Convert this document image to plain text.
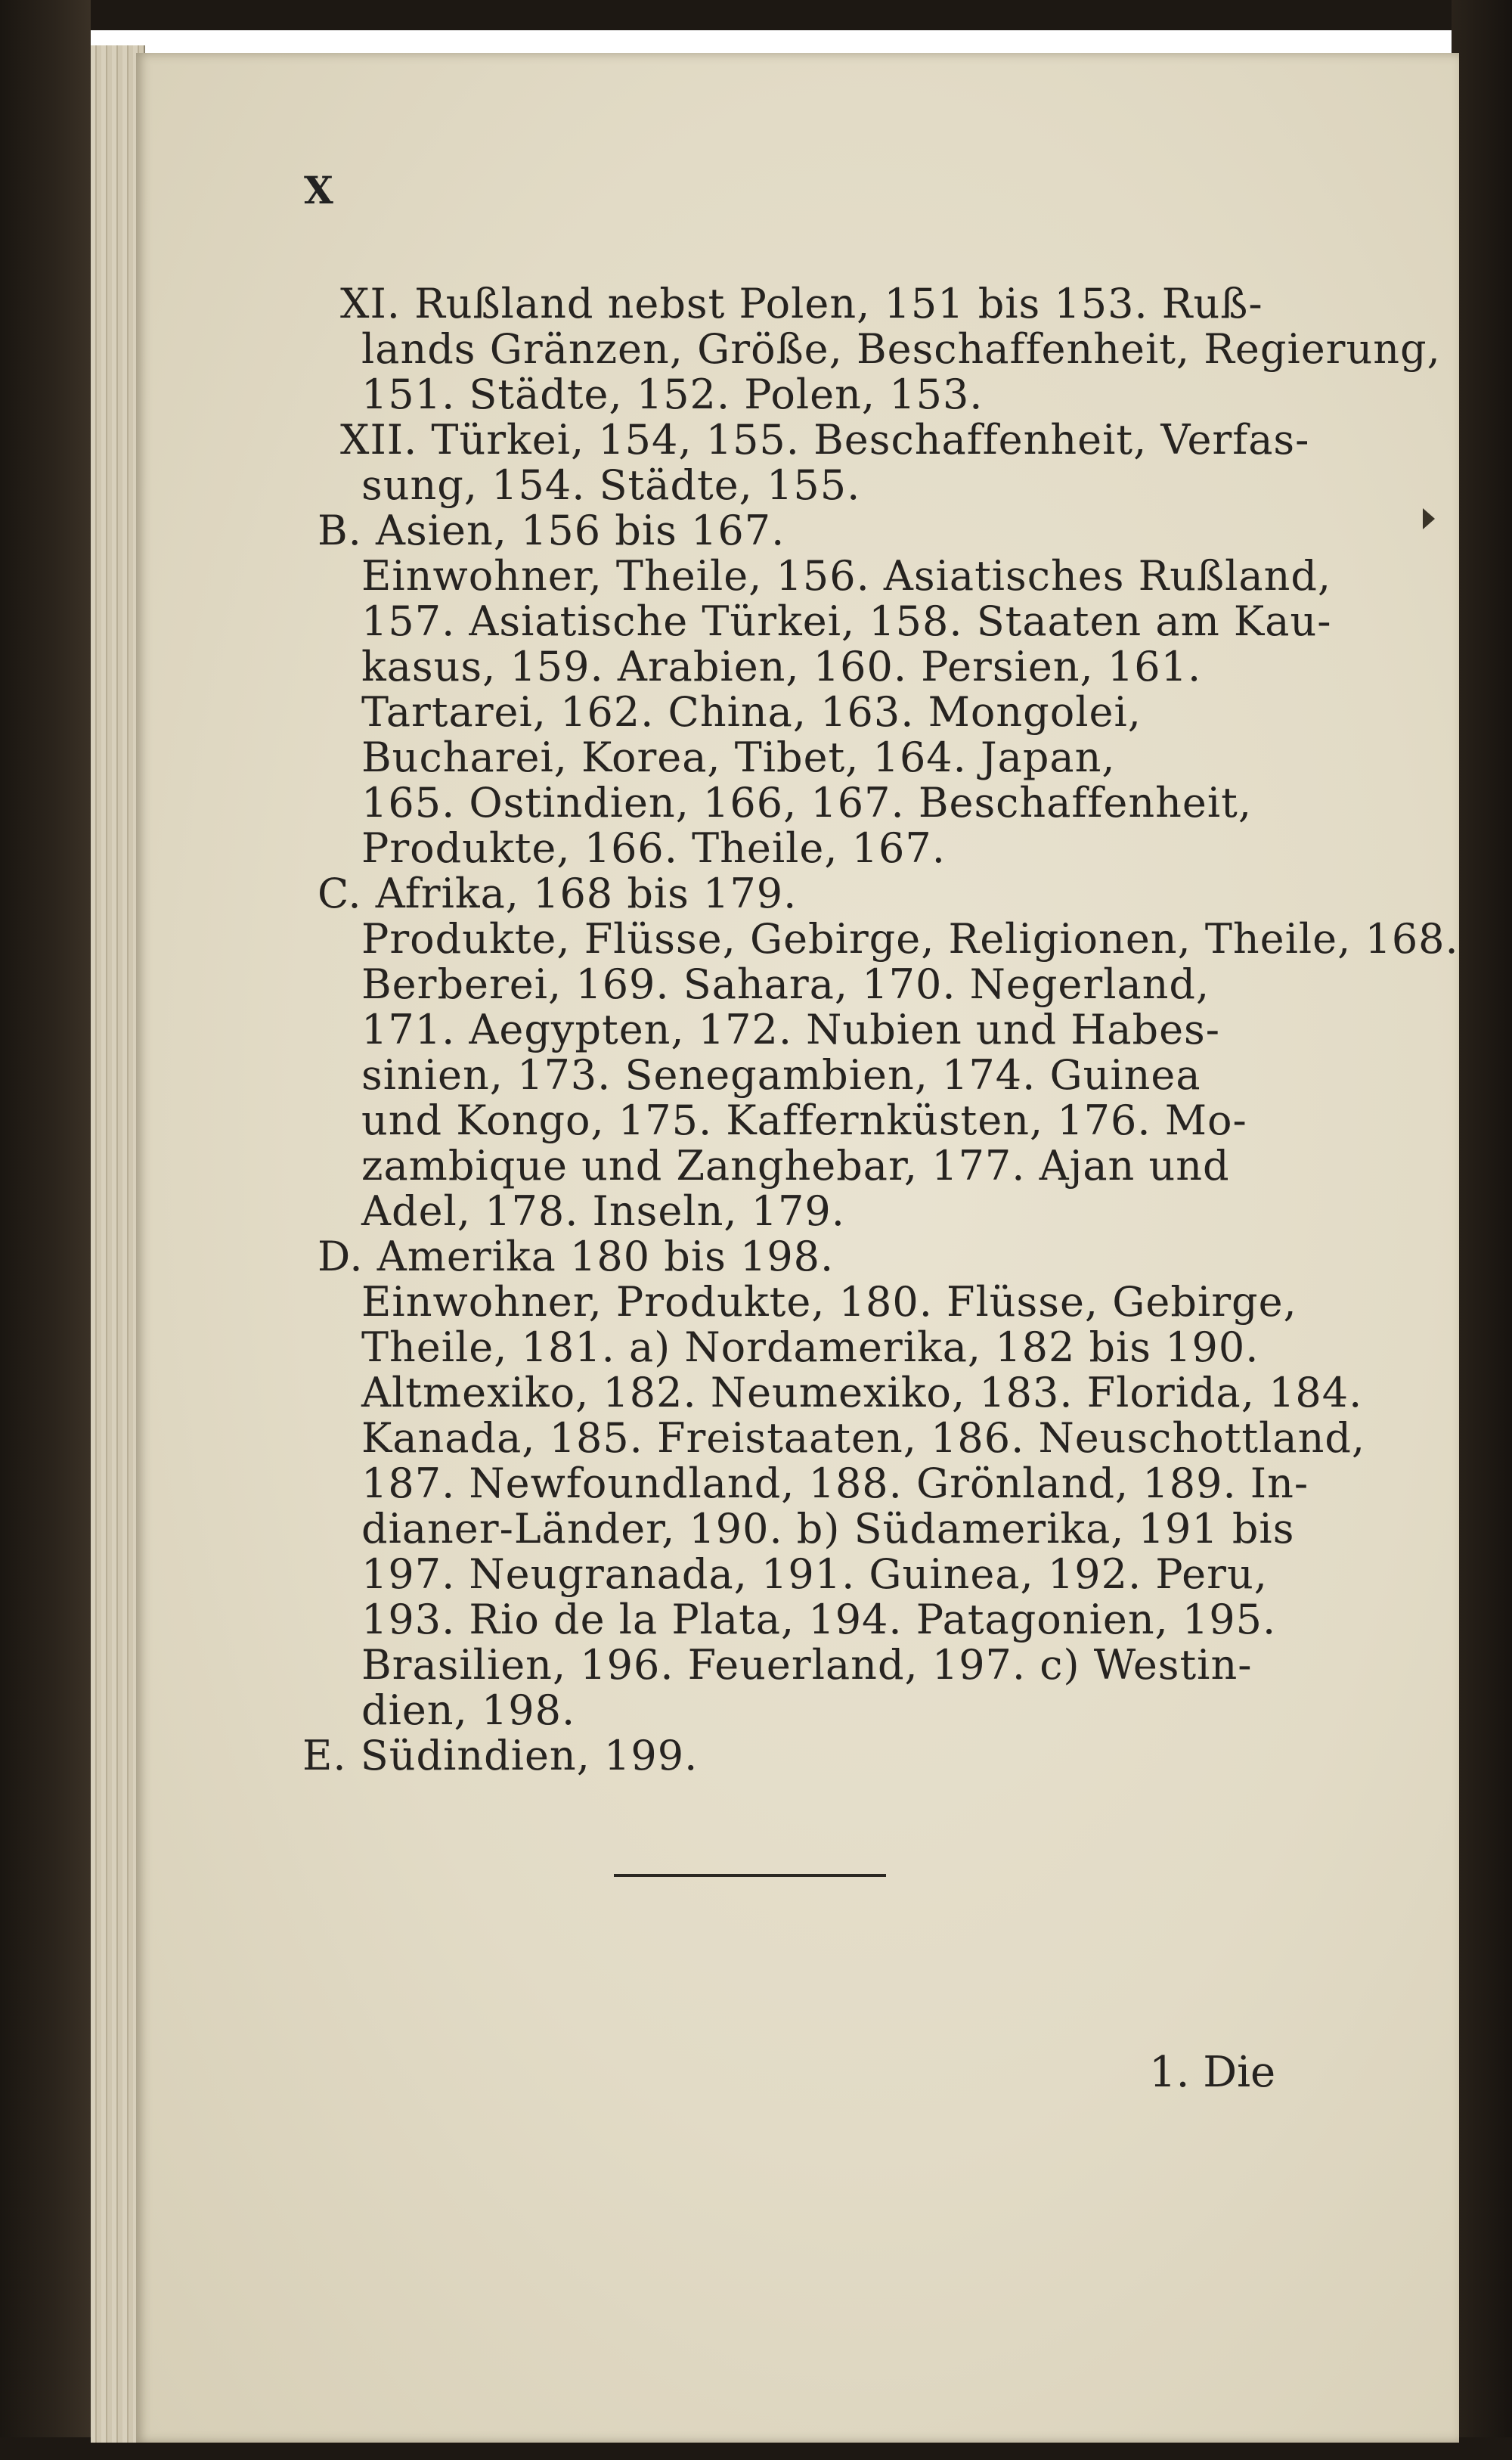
X
XI. Rußland nebst Polen, 151 bis 153. Ruß-
lands Gränzen, Größe, Beschaffenheit, Regierung,
151. Städte, 152. Polen, 153.
XII. Türkei, 154, 155. Beschaffenheit, Verfas-
sung, 154. Städte, 155.
B. Asien, 156 bis 167.
Einwohner, Theile, 156. Asiatisches Rußland,
157. Asiatische Türkei, 158. Staaten am Kau-
kasus, 159. Arabien, 160. Persien, 161.
Tartarei, 162. China, 163. Mongolei,
Bucharei, Korea, Tibet, 164. Japan,
165. Ostindien, 166, 167. Beschaffenheit,
Produkte, 166. Theile, 167.
C. Afrika, 168 bis 179.
Produkte, Flüsse, Gebirge, Religionen, Theile, 168.
Berberei, 169. Sahara, 170. Negerland,
171. Aegypten, 172. Nubien und Habes-
sinien, 173. Senegambien, 174. Guinea
und Kongo, 175. Kaffernküsten, 176. Mo-
zambique und Zanghebar, 177. Ajan und
Adel, 178. Inseln, 179.
D. Amerika 180 bis 198.
Einwohner, Produkte, 180. Flüsse, Gebirge,
Theile, 181. a) Nordamerika, 182 bis 190.
Altmexiko, 182. Neumexiko, 183. Florida, 184.
Kanada, 185. Freistaaten, 186. Neuschottland,
187. Newfoundland, 188. Grönland, 189. In-
dianer-Länder, 190. b) Südamerika, 191 bis
197. Neugranada, 191. Guinea, 192. Peru,
193. Rio de la Plata, 194. Patagonien, 195.
Brasilien, 196. Feuerland, 197. c) Westin-
dien, 198.
E. Südindien, 199.
1. Die
